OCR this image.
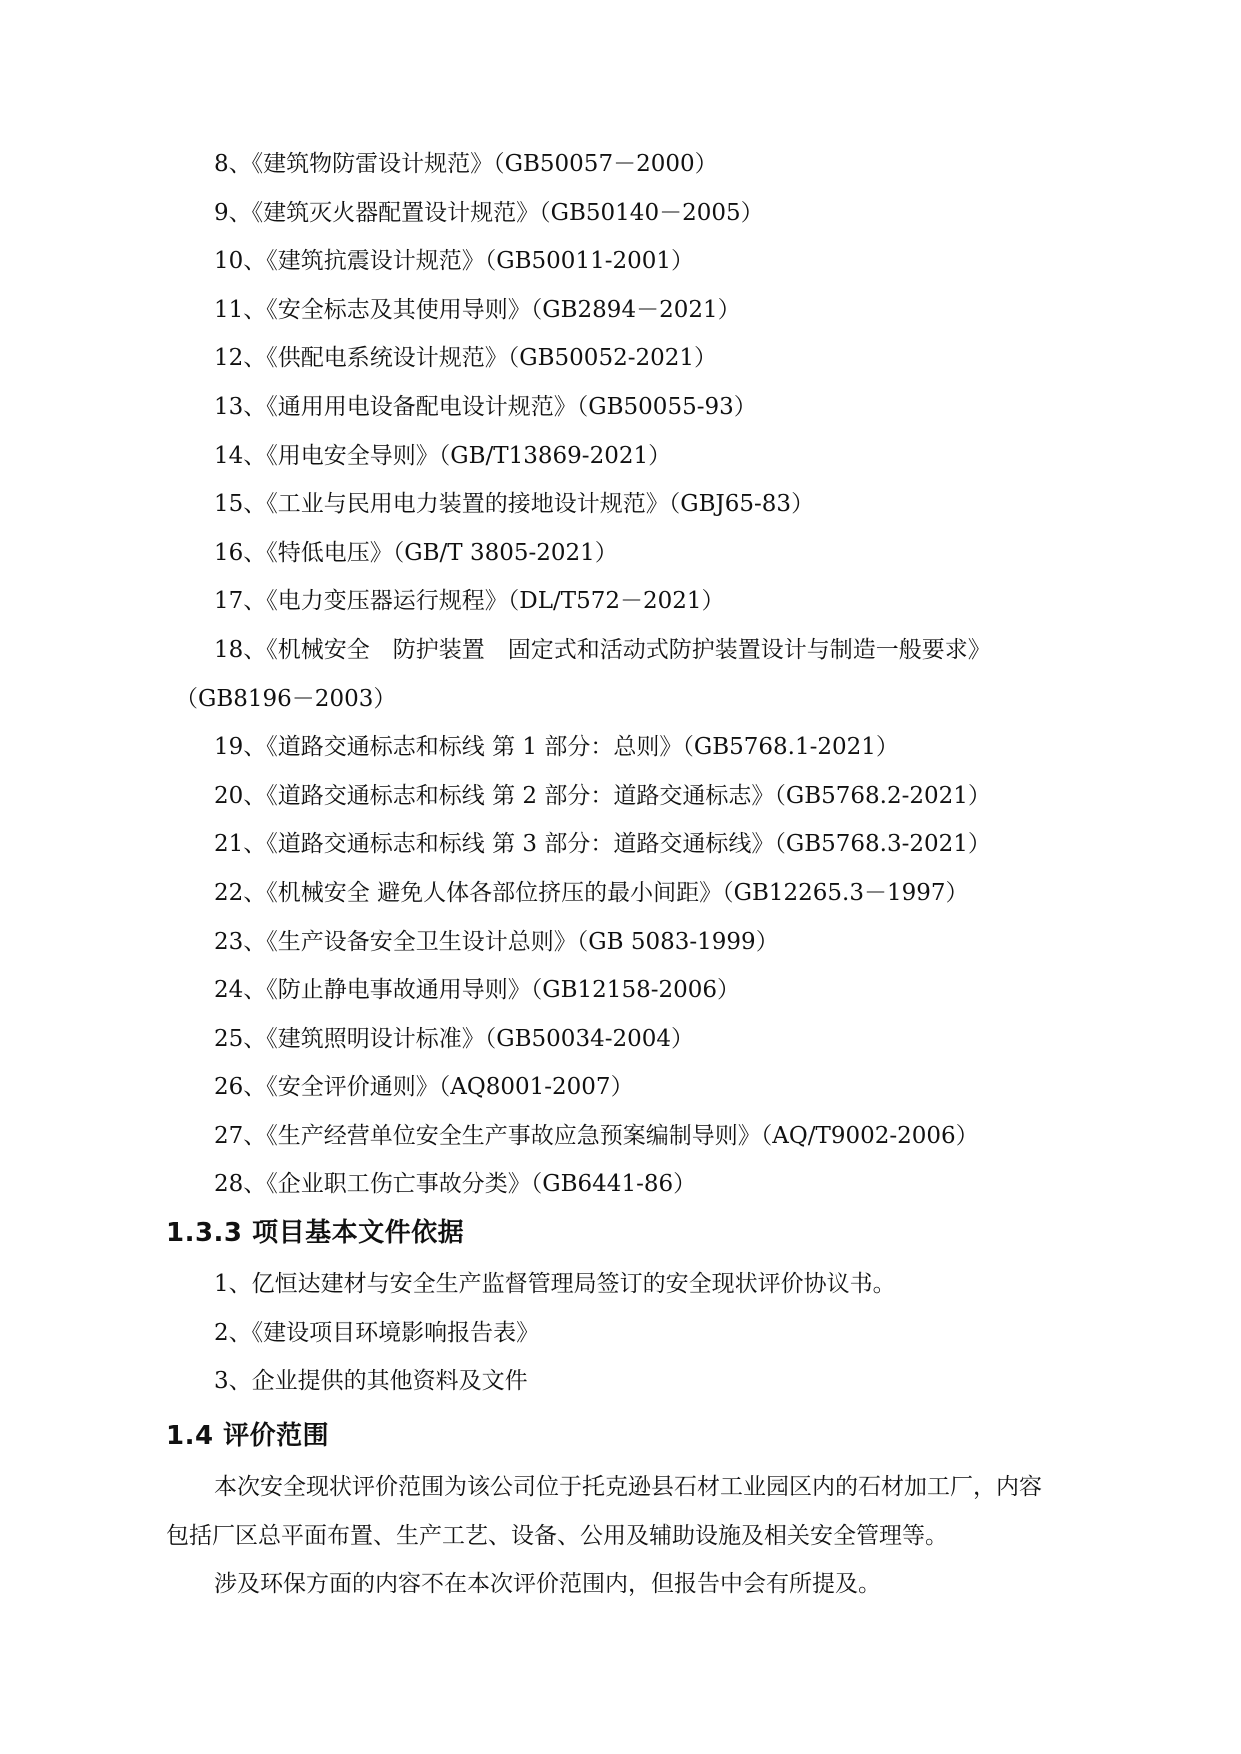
8、《建筑物防雷设计规范》（GB50057－2000）
9、《建筑灭火器配置设计规范》（GB50140－2005）
10、《建筑抗震设计规范》（GB50011-2001）
11、《安全标志及其使用导则》（GB2894－2021）
12、《供配电系统设计规范》（GB50052-2021）
13、《通用用电设备配电设计规范》（GB50055-93）
14、《用电安全导则》（GB/T13869-2021）
15、《工业与民用电力装置的接地设计规范》（GBJ65-83）
16、《特低电压》（GB/T 3805-2021）
17、《电力变压器运行规程》（DL/T572－2021）
18、《机械安全　防护装置　固定式和活动式防护装置设计与制造一般要求》
（GB8196－2003）
19、《道路交通标志和标线 第 1 部分：总则》（GB5768.1-2021）
20、《道路交通标志和标线 第 2 部分：道路交通标志》（GB5768.2-2021）
21、《道路交通标志和标线 第 3 部分：道路交通标线》（GB5768.3-2021）
22、《机械安全 避免人体各部位挤压的最小间距》（GB12265.3－1997）
23、《生产设备安全卫生设计总则》（GB 5083-1999）
24、《防止静电事故通用导则》（GB12158-2006）
25、《建筑照明设计标准》（GB50034-2004）
26、《安全评价通则》（AQ8001-2007）
27、《生产经营单位安全生产事故应急预案编制导则》（AQ/T9002-2006）
28、《企业职工伤亡事故分类》（GB6441-86）
1.3.3 项目基本文件依据
1、亿恒达建材与安全生产监督管理局签订的安全现状评价协议书。
2、《建设项目环境影响报告表》
3、企业提供的其他资料及文件
1.4 评价范围
本次安全现状评价范围为该公司位于托克逊县石材工业园区内的石材加工厂，内容
包括厂区总平面布置、生产工艺、设备、公用及辅助设施及相关安全管理等。
涉及环保方面的内容不在本次评价范围内，但报告中会有所提及。
